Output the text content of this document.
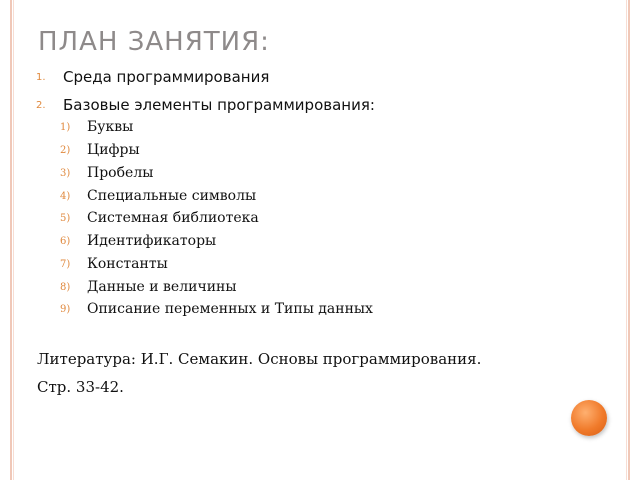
ПЛАН ЗАНЯТИЯ:
1. Среда программирования
2. Базовые элементы программирования:
1) Буквы
2) Цифры
3) Пробелы
4) Специальные символы
5) Системная библиотека
6) Идентификаторы
7) Константы
8) Данные и величины
9) Описание переменных и Типы данных
Литература: И.Г. Семакин. Основы программирования.
Стр. 33-42.
